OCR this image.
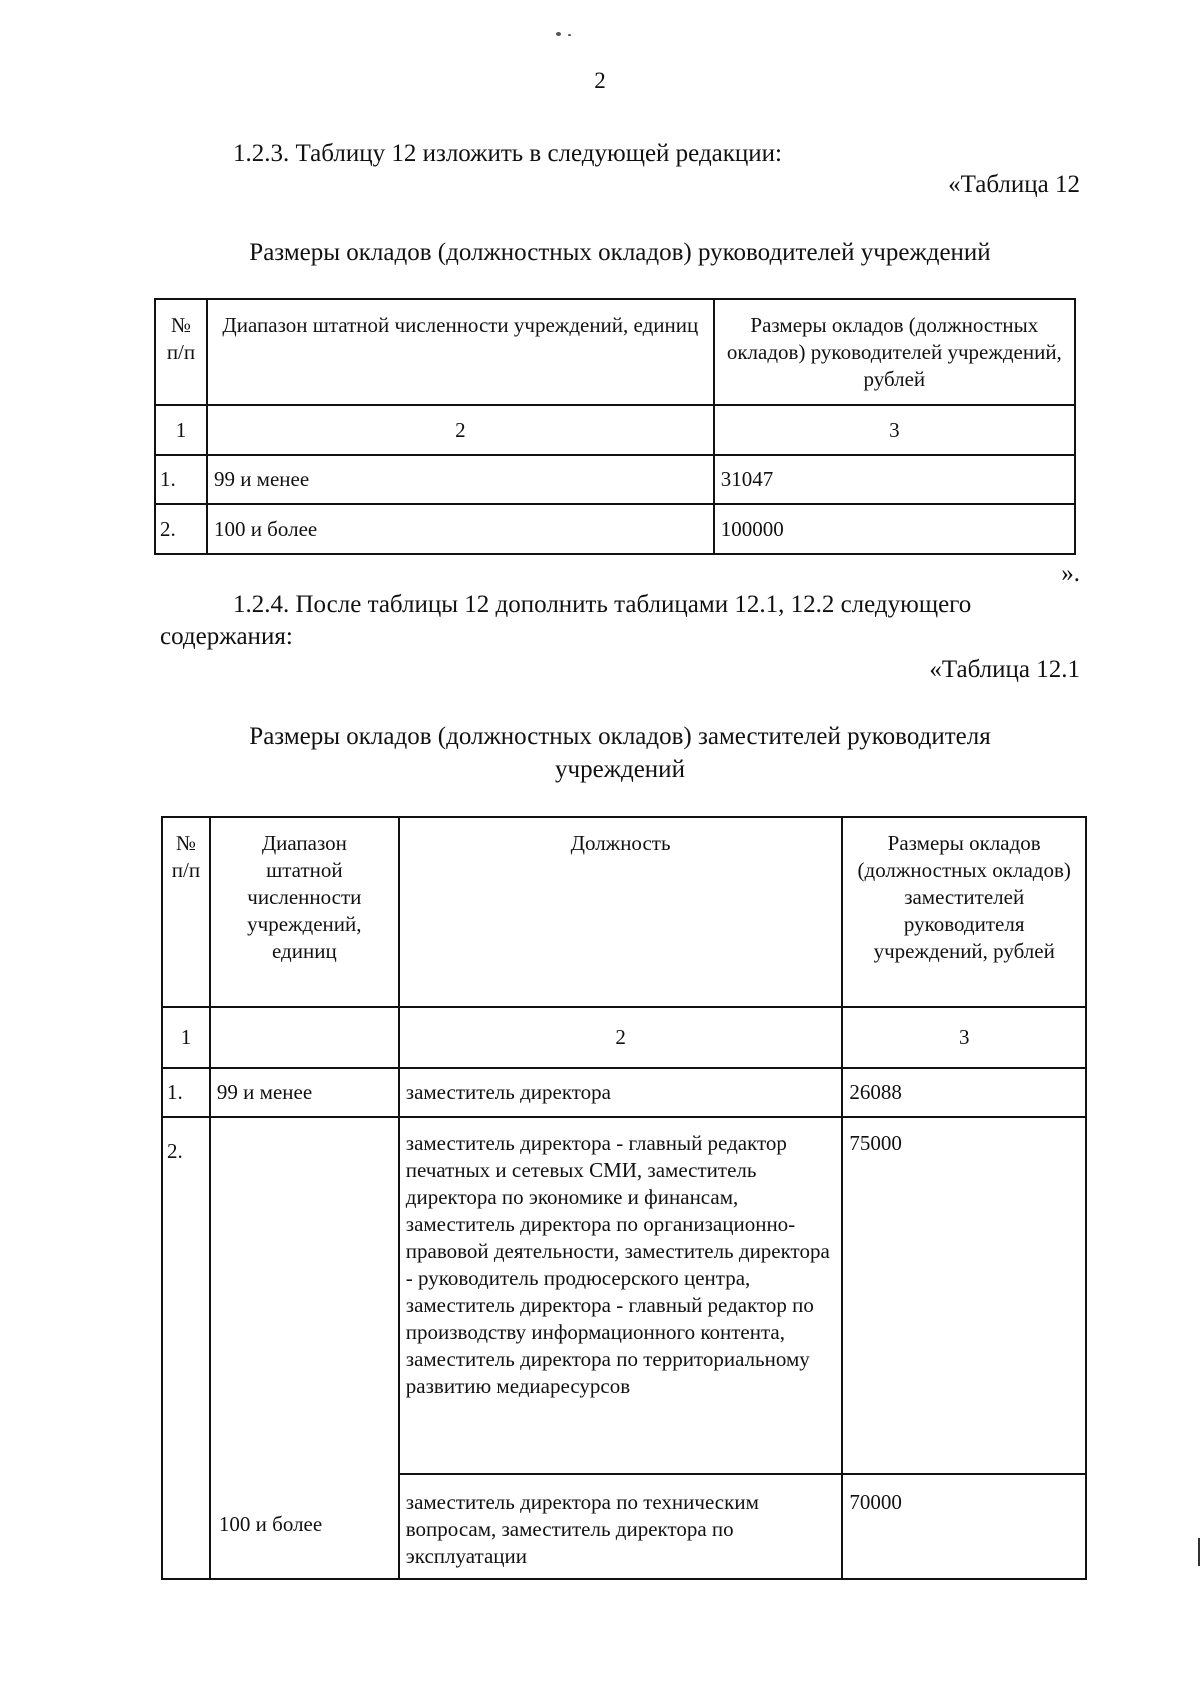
2
1.2.3. Таблицу 12 изложить в следующей редакции:
«Таблица 12
Размеры окладов (должностных окладов) руководителей учреждений
№ п/п	Диапазон штатной численности учреждений, единиц	Размеры окладов (должностных окладов) руководителей учреждений, рублей
1	2	3
1.	99 и менее	31047
2.	100 и более	100000
».
1.2.4. После таблицы 12 дополнить таблицами 12.1, 12.2 следующего
содержания:
«Таблица 12.1
Размеры окладов (должностных окладов) заместителей руководителя
учреждений
№ п/п	Диапазон штатной численности учреждений, единиц	Должность	Размеры окладов (должностных окладов) заместителей руководителя учреждений, рублей
1		2	3
1.	99 и менее	заместитель директора	26088
2.	100 и более	заместитель директора - главный редактор печатных и сетевых СМИ, заместитель директора по экономике и финансам, заместитель директора по организационно-правовой деятельности, заместитель директора - руководитель продюсерского центра, заместитель директора - главный редактор по производству информационного контента, заместитель директора по территориальному развитию медиаресурсов	75000
		заместитель директора по техническим вопросам, заместитель директора по эксплуатации	70000
